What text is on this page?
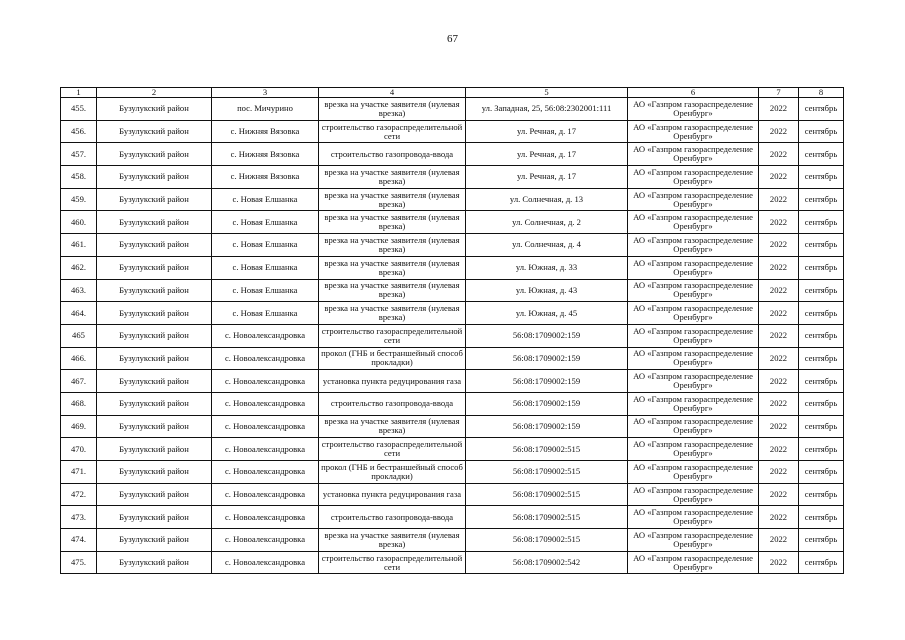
67
1	2	3	4	5	6	7	8
455.	Бузулукский район	пос. Мичурино	врезка на участке заявителя (нулевая врезка)	ул. Западная, 25, 56:08:2302001:111	АО «Газпром газораспределение Оренбург»	2022	сентябрь
456.	Бузулукский район	с. Нижняя Вязовка	строительство газораспределительной сети	ул. Речная, д. 17	АО «Газпром газораспределение Оренбург»	2022	сентябрь
457.	Бузулукский район	с. Нижняя Вязовка	строительство газопровода-ввода	ул. Речная, д. 17	АО «Газпром газораспределение Оренбург»	2022	сентябрь
458.	Бузулукский район	с. Нижняя Вязовка	врезка на участке заявителя (нулевая врезка)	ул. Речная, д. 17	АО «Газпром газораспределение Оренбург»	2022	сентябрь
459.	Бузулукский район	с. Новая Елшанка	врезка на участке заявителя (нулевая врезка)	ул. Солнечная, д. 13	АО «Газпром газораспределение Оренбург»	2022	сентябрь
460.	Бузулукский район	с. Новая Елшанка	врезка на участке заявителя (нулевая врезка)	ул. Солнечная, д. 2	АО «Газпром газораспределение Оренбург»	2022	сентябрь
461.	Бузулукский район	с. Новая Елшанка	врезка на участке заявителя (нулевая врезка)	ул. Солнечная, д. 4	АО «Газпром газораспределение Оренбург»	2022	сентябрь
462.	Бузулукский район	с. Новая Елшанка	врезка на участке заявителя (нулевая врезка)	ул. Южная, д. 33	АО «Газпром газораспределение Оренбург»	2022	сентябрь
463.	Бузулукский район	с. Новая Елшанка	врезка на участке заявителя (нулевая врезка)	ул. Южная, д. 43	АО «Газпром газораспределение Оренбург»	2022	сентябрь
464.	Бузулукский район	с. Новая Елшанка	врезка на участке заявителя (нулевая врезка)	ул. Южная, д. 45	АО «Газпром газораспределение Оренбург»	2022	сентябрь
465	Бузулукский район	с. Новоалександровка	строительство газораспределительной сети	56:08:1709002:159	АО «Газпром газораспределение Оренбург»	2022	сентябрь
466.	Бузулукский район	с. Новоалександровка	прокол (ГНБ и бестраншейный способ прокладки)	56:08:1709002:159	АО «Газпром газораспределение Оренбург»	2022	сентябрь
467.	Бузулукский район	с. Новоалександровка	установка пункта редуцирования газа	56:08:1709002:159	АО «Газпром газораспределение Оренбург»	2022	сентябрь
468.	Бузулукский район	с. Новоалександровка	строительство газопровода-ввода	56:08:1709002:159	АО «Газпром газораспределение Оренбург»	2022	сентябрь
469.	Бузулукский район	с. Новоалександровка	врезка на участке заявителя (нулевая врезка)	56:08:1709002:159	АО «Газпром газораспределение Оренбург»	2022	сентябрь
470.	Бузулукский район	с. Новоалександровка	строительство газораспределительной сети	56:08:1709002:515	АО «Газпром газораспределение Оренбург»	2022	сентябрь
471.	Бузулукский район	с. Новоалександровка	прокол (ГНБ и бестраншейный способ прокладки)	56:08:1709002:515	АО «Газпром газораспределение Оренбург»	2022	сентябрь
472.	Бузулукский район	с. Новоалександровка	установка пункта редуцирования газа	56:08:1709002:515	АО «Газпром газораспределение Оренбург»	2022	сентябрь
473.	Бузулукский район	с. Новоалександровка	строительство газопровода-ввода	56:08:1709002:515	АО «Газпром газораспределение Оренбург»	2022	сентябрь
474.	Бузулукский район	с. Новоалександровка	врезка на участке заявителя (нулевая врезка)	56:08:1709002:515	АО «Газпром газораспределение Оренбург»	2022	сентябрь
475.	Бузулукский район	с. Новоалександровка	строительство газораспределительной сети	56:08:1709002:542	АО «Газпром газораспределение Оренбург»	2022	сентябрь
